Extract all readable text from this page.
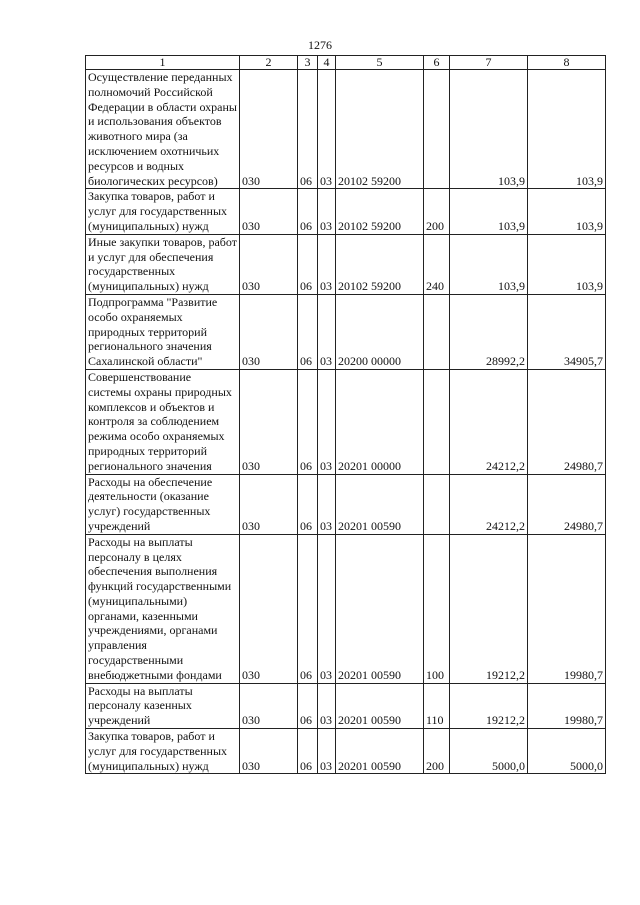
1276
1	2	3	4	5	6	7	8

Осуществление переданных полномочий Российской Федерации в области охраны и использования объектов животного мира (за исключением охотничьих ресурсов и водных биологических ресурсов)	030	06	03	20102 59200		103,9	103,9

Закупка товаров, работ и услуг для государственных (муниципальных) нужд	030	06	03	20102 59200	200	103,9	103,9

Иные закупки товаров, работ и услуг для обеспечения государственных (муниципальных) нужд	030	06	03	20102 59200	240	103,9	103,9

Подпрограмма "Развитие особо охраняемых природных территорий регионального значения Сахалинской области"	030	06	03	20200 00000		28992,2	34905,7

Совершенствование системы охраны природных комплексов и объектов и контроля за соблюдением режима особо охраняемых природных территорий регионального значения	030	06	03	20201 00000		24212,2	24980,7

Расходы на обеспечение деятельности (оказание услуг) государственных учреждений	030	06	03	20201 00590		24212,2	24980,7

Расходы на выплаты персоналу в целях обеспечения выполнения функций государственными (муниципальными) органами, казенными учреждениями, органами управления государственными внебюджетными фондами	030	06	03	20201 00590	100	19212,2	19980,7

Расходы на выплаты персоналу казенных учреждений	030	06	03	20201 00590	110	19212,2	19980,7

Закупка товаров, работ и услуг для государственных (муниципальных) нужд	030	06	03	20201 00590	200	5000,0	5000,0
